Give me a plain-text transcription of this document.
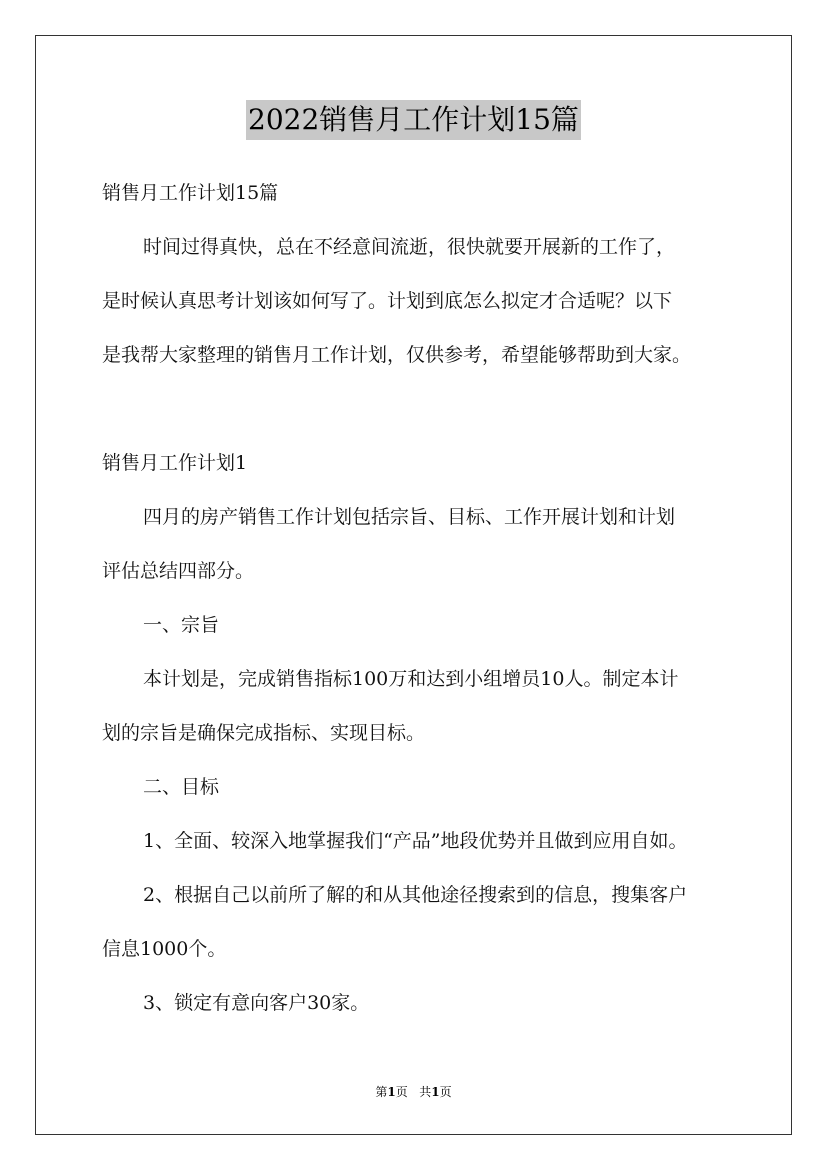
2022销售月工作计划15篇
销售月工作计划15篇
时间过得真快，总在不经意间流逝，很快就要开展新的工作了，
是时候认真思考计划该如何写了。计划到底怎么拟定才合适呢？以下
是我帮大家整理的销售月工作计划，仅供参考，希望能够帮助到大家。
销售月工作计划1
四月的房产销售工作计划包括宗旨、目标、工作开展计划和计划
评估总结四部分。
一、宗旨
本计划是，完成销售指标100万和达到小组增员10人。制定本计
划的宗旨是确保完成指标、实现目标。
二、目标
1、全面、较深入地掌握我们“产品”地段优势并且做到应用自如。
2、根据自己以前所了解的和从其他途径搜索到的信息，搜集客户
信息1000个。
3、锁定有意向客户30家。
第1页   共1页
